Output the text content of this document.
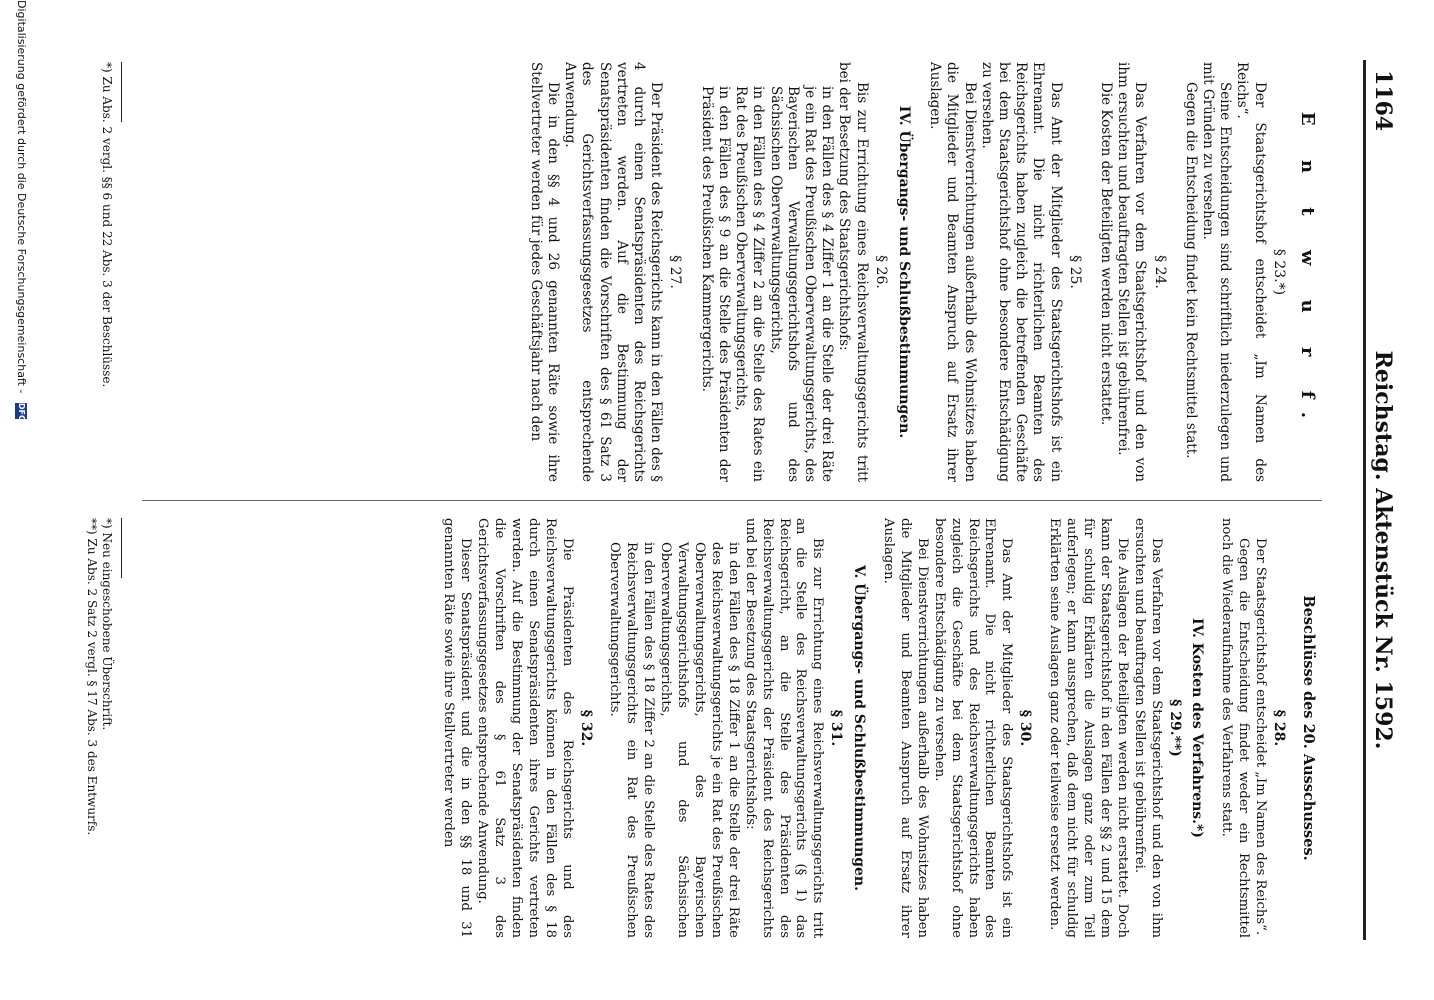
1164
Reichstag. Aktenstück Nr. 1592.

E n t w u r f.

§ 23.*)

Der Staatsgerichtshof entscheidet „Im Namen des Reichs“.

Seine Entscheidungen sind schriftlich niederzulegen und mit Gründen zu versehen.

Gegen die Entscheidung findet kein Rechtsmittel statt.

§ 24.

Das Verfahren vor dem Staatsgerichtshof und den von ihm ersuchten und beauftragten Stellen ist gebührenfrei.

Die Kosten der Beteiligten werden nicht erstattet.

§ 25.

Das Amt der Mitglieder des Staatsgerichtshofs ist ein Ehrenamt. Die nicht richterlichen Beamten des Reichsgerichts haben zugleich die betreffenden Geschäfte bei dem Staatsgerichtshof ohne besondere Entschädigung zu versehen.

Bei Dienstverrichtungen außerhalb des Wohnsitzes haben die Mitglieder und Beamten Anspruch auf Ersatz ihrer Auslagen.

IV. Übergangs- und Schlußbestimmungen.

§ 26.

Bis zur Errichtung eines Reichsverwaltungsgerichts tritt bei der Besetzung des Staatsgerichtshofs:

in den Fällen des § 4 Ziffer 1 an die Stelle der drei Räte je ein Rat des Preußischen Oberverwaltungsgerichts, des Bayerischen Verwaltungsgerichtshofs und des Sächsischen Oberverwaltungsgerichts,

in den Fällen des § 4 Ziffer 2 an die Stelle des Rates ein Rat des Preußischen Oberverwaltungsgerichts,

in den Fällen des § 9 an die Stelle des Präsidenten der Präsident des Preußischen Kammergerichts.

§ 27.

Der Präsident des Reichsgerichts kann in den Fällen des § 4 durch einen Senatspräsidenten des Reichsgerichts vertreten werden. Auf die Bestimmung der Senatspräsidenten finden die Vorschriften des § 61 Satz 3 des Gerichtsverfassungsgesetzes entsprechende Anwendung.

Die in den §§ 4 und 26 genannten Räte sowie ihre Stellvertreter werden für jedes Geschäftsjahr nach den

Beschlüsse des 20. Ausschusses.

§ 28.

Der Staatsgerichtshof entscheidet „Im Namen des Reichs“.

Gegen die Entscheidung findet weder ein Rechtsmittel noch die Wiederaufnahme des Verfahrens statt.

IV. Kosten des Verfahrens.*)

§ 29.**)

Das Verfahren vor dem Staatsgerichtshof und den von ihm ersuchten und beauftragten Stellen ist gebührenfrei.

Die Auslagen der Beteiligten werden nicht erstattet. Doch kann der Staatsgerichtshof in den Fällen der §§ 2 und 15 dem für schuldig Erklärten die Auslagen ganz oder zum Teil auferlegen; er kann aussprechen, daß dem nicht für schuldig Erklärten seine Auslagen ganz oder teilweise ersetzt werden.

§ 30.

Das Amt der Mitglieder des Staatsgerichtshofs ist ein Ehrenamt. Die nicht richterlichen Beamten des Reichsgerichts und des Reichsverwaltungsgerichts haben zugleich die Geschäfte bei dem Staatsgerichtshof ohne besondere Entschädigung zu versehen.

Bei Dienstverrichtungen außerhalb des Wohnsitzes haben die Mitglieder und Beamten Anspruch auf Ersatz ihrer Auslagen.

V. Übergangs- und Schlußbestimmungen.

§ 31.

Bis zur Errichtung eines Reichsverwaltungsgerichts tritt an die Stelle des Reichsverwaltungsgerichts (§ 1) das Reichsgericht, an die Stelle des Präsidenten des Reichsverwaltungsgerichts der Präsident des Reichsgerichts und bei der Besetzung des Staatsgerichtshofs:

in den Fällen des § 18 Ziffer 1 an die Stelle der drei Räte des Reichsverwaltungsgerichts je ein Rat des Preußischen Oberverwaltungsgerichts, des Bayerischen Verwaltungsgerichtshofs und des Sächsischen Oberverwaltungsgerichts,

in den Fällen des § 18 Ziffer 2 an die Stelle des Rates des Reichsverwaltungsgerichts ein Rat des Preußischen Oberverwaltungsgerichts.

§ 32.

Die Präsidenten des Reichsgerichts und des Reichsverwaltungsgerichts können in den Fällen des § 18 durch einen Senatspräsidenten ihres Gerichts vertreten werden. Auf die Bestimmung der Senatspräsidenten finden die Vorschriften des § 61 Satz 3 des Gerichtsverfassungsgesetzes entsprechende Anwendung.

Dieser Senatspräsident und die in den §§ 18 und 31 genannten Räte sowie ihre Stellvertreter werden

*) Zu Abs. 2 vergl. §§ 6 und 22 Abs. 3 der Beschlüsse.

*) Neu eingeschobene Überschrift.

**) Zu Abs. 2 Satz 2 vergl. § 17 Abs. 3 des Entwurfs.

Digitalisierung gefördert durch die Deutsche Forschungsgemeinschaft - DFG
